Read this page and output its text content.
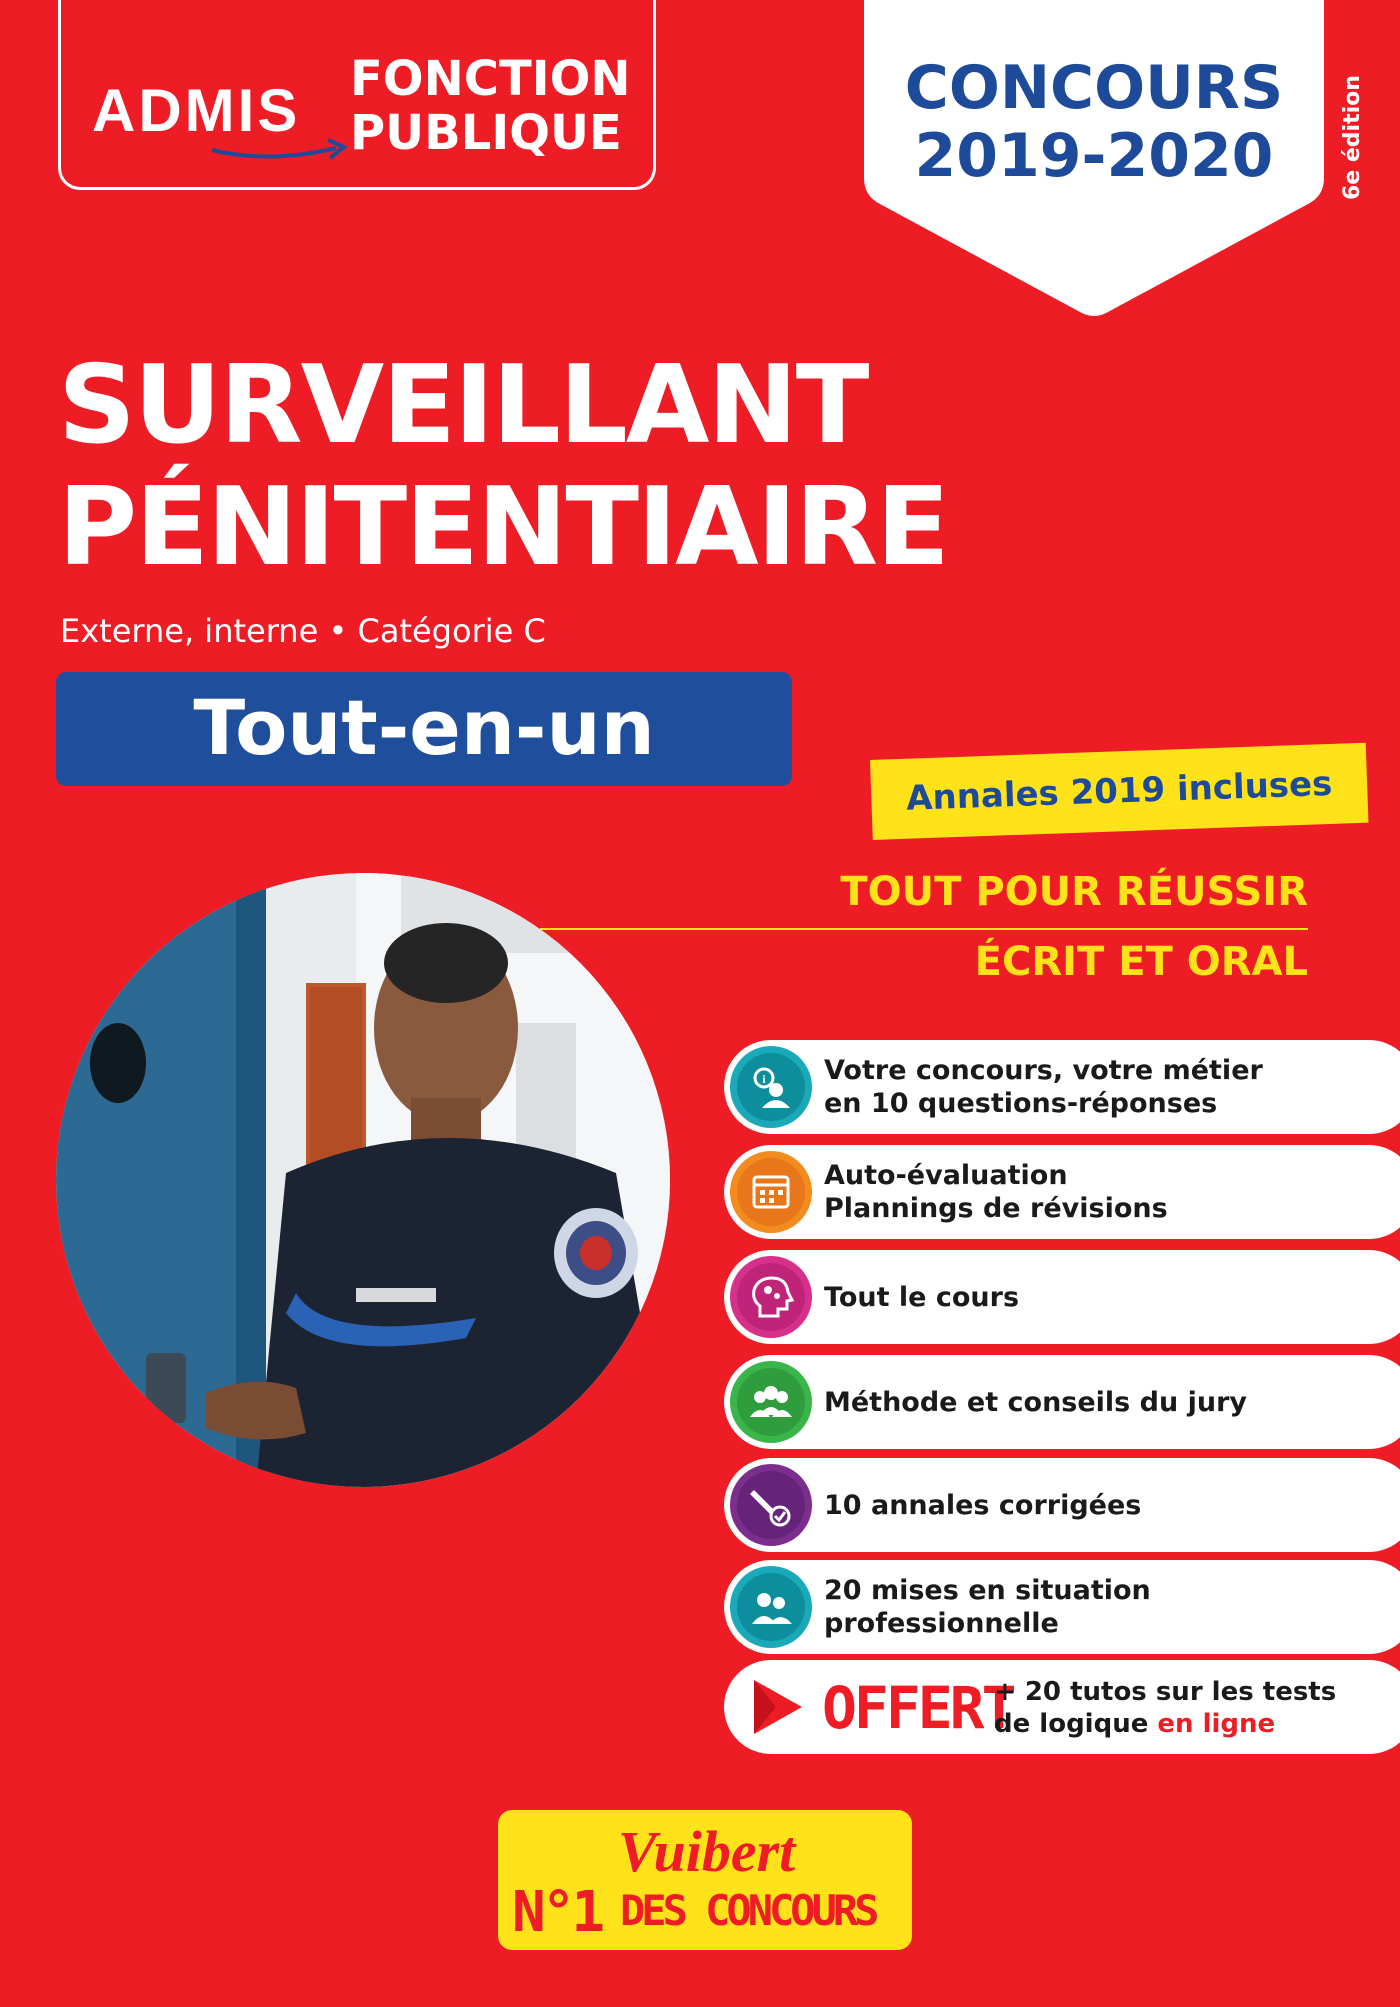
ADMIS FONCTION
PUBLIQUE
CONCOURS
2019-2020	6e édition
SURVEILLANT
PÉNITENTIAIRE
Externe, interne • Catégorie C
Tout-en-un
Annales 2019 incluses
TOUT POUR RÉUSSIR
ÉCRIT ET ORAL
i Votre concours, votre métier
en 10 questions-réponses
Auto-évaluation
Plannings de révisions
Tout le cours
Méthode et conseils du jury
10 annales corrigées
20 mises en situation
professionnelle
OFFERT
+ 20 tutos sur les tests
de logique en ligne
Vuibert
N°1 DES CONCOURS
